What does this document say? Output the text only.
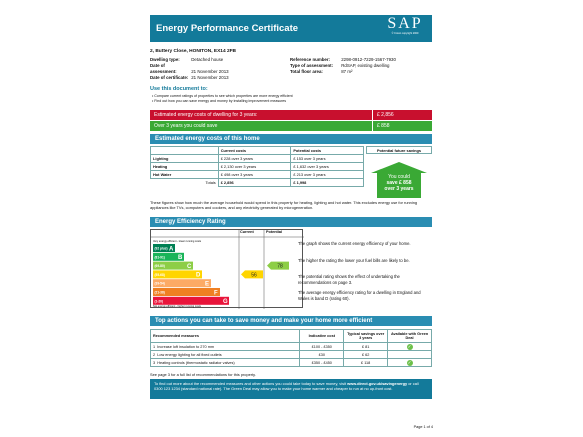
Energy Performance Certificate	SAP
© Crown copyright 2009
2, Buttery Close, HONITON, EX14 2FB
Dwelling type:	Detached house
Date of assessment:	21 November 2013
Date of certificate: 21 November 2013
Reference number:	2298-0912-7229-1567-7930
Type of assessment: RdSAP, existing dwelling
Total floor area:	87 m²
Use this document to:
• Compare current ratings of properties to see which properties are more energy efficient
• Find out how you can save energy and money by installing improvement measures
Estimated energy costs of dwelling for 3 years:	£ 2,856
Over 3 years you could save	£ 858
Estimated energy costs of this home
	Current costs	Potential costs
Lighting	£ 228 over 3 years	£ 153 over 3 years
Heating	£ 2,130 over 3 years	£ 1,632 over 3 years
Hot Water	£ 498 over 3 years	£ 213 over 3 years
Totals	£ 2,856	£ 1,998
Potential future savings
You could
save £ 858
over 3 years
These figures show how much the average household would spend in this property for heating, lighting and hot water. This excludes energy use for running appliances like TVs, computers and cookers, and any electricity generated by microgeneration.
Energy Efficiency Rating
Very energy efficient - lower running costs
(92 plus) A
(81-91) B
(69-80)	C
(55-68)	D
(39-54)	E
(21-38)	F
(1-20)	G
Not energy efficient - higher running costs
56
78
Current	Potential
The graph shows the current energy efficiency of your home.
The higher the rating the lower your fuel bills are likely to be.
The potential rating shows the effect of undertaking the recommendations on page 3.
The average energy efficiency rating for a dwelling in England and Wales is band D (rating 60).
Top actions you can take to save money and make your home more efficient
Recommended measures	Indicative cost	Typical savings over 3 years	Available with Green Deal
1 Increase loft insulation to 270 mm	£100 - £350	£ 81	✓
2 Low energy lighting for all fixed outlets	£30	£ 62	
3 Heating controls (thermostatic radiator valves)	£350 - £450	£ 118	✓
See page 3 for a full list of recommendations for this property.
To find out more about the recommended measures and other actions you could take today to save money, visit www.direct.gov.uk/savingenergy or call 0300 123 1234 (standard national rate). The Green Deal may allow you to make your home warmer and cheaper to run at no up-front cost.
Page 1 of 4
